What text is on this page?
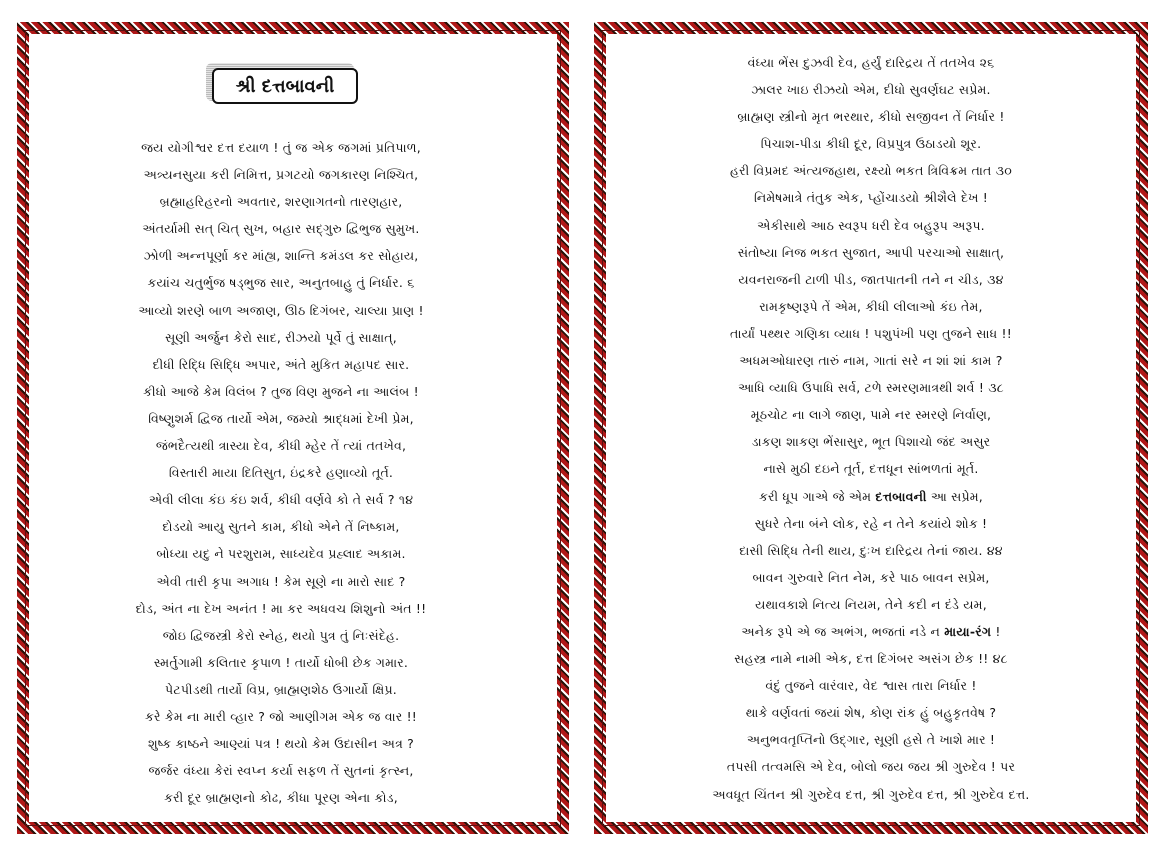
શ્રી દત્તબાવની
જય યોગીશ્વર દત્ત દયાળ ! તું જ એક જગમાં પ્રતિપાળ,
અત્ર્યનસુયા કરી નિમિત્ત, પ્રગટયો જગકારણ નિશ્ચિત,
બ્રહ્માહરિહરનો અવતાર, શરણાગતનો તારણહાર,
અંતર્યામી સત્ ચિત્ સુખ, બહાર સદ્ગુરુ દ્વિભુજ સુમુખ.
ઝોળી અન્નપૂર્ણા કર માંહ્ય, શાન્તિ કમંડલ કર સોહાય,
કયાંચ ચતુર્ભુજ ષડ્ભુજ સાર, અનુતબાહુ તું નિર્ધાર. ૬
આવ્યો શરણે બાળ અજાણ, ઊઠ દિગંબર, ચાલ્યા પ્રાણ !
સૂણી અર્જુન કેરો સાદ, રીઝયો પૂર્વે તું સાક્ષાત્,
દીધી રિદ્ધિ સિદ્ધિ અપાર, અંતે મુકિત મહાપદ સાર.
કીધો આજે કેમ વિલંબ ? તુજ વિણ મુજને ના આલંબ !
વિષ્ણુશર્મ દ્વિજ તાર્યો એમ, જમ્યો શ્રાદ્ધમાં દેખી પ્રેમ,
જંભદૈત્યથી ત્રાસ્યા દેવ, કીધી મ્હેર તેં ત્યાં તતખેવ,
વિસ્તારી માયા દિતિસુત, ઇંદ્રકરે હણાવ્યો તૂર્ત.
એવી લીલા કંઇ કંઇ શર્વ, કીધી વર્ણવે કો તે સર્વ ? ૧૪
દોડયો આયુ સુતને કામ, કીધો એને તેં નિષ્કામ,
બોધ્યા યદુ ને પરશુરામ, સાધ્યદેવ પ્રહ્લાદ અકામ.
એવી તારી કૃપા અગાધ ! કેમ સૂણે ના મારો સાદ ?
દોડ, અંત ના દેખ અનંત ! મા કર અધવચ શિશુનો અંત !!
જોઇ દ્વિજસ્ત્રી કેરો સ્નેહ, થયો પુત્ર તું નિઃસંદેહ.
સ્મર્તુગામી કલિતાર કૃપાળ ! તાર્યો ધોબી છેક ગમાર.
પેટપીડથી તાર્યો વિપ્ર, બ્રાહ્મણશેઠ ઉગાર્યો ક્ષિપ્ર.
કરે કેમ ના મારી વ્હાર ? જો આણીગમ એક જ વાર !!
શુષ્ક કાષ્ઠને આણ્યાં પત્ર ! થયો કેમ ઉદાસીન અત્ર ?
જર્જર વંધ્યા કેરાં સ્વપ્ન કર્યા સફળ તેં સુતનાં કૃત્સ્ન,
કરી દૂર બ્રાહ્મણનો કોઢ, કીધા પૂરણ એના કોડ,
વંધ્યા ભેંસ દુઝવી દેવ, હર્યું દારિદ્રય તેં તતખેવ ૨૬
ઝાલર ખાઇ રીઝયો એમ, દીધો સુવર્ણઘટ સપ્રેમ.
બ્રાહ્મણ સ્ત્રીનો મૃત ભરથાર, કીધો સજીવન તેં નિર્ધાર !
પિચાશ-પીડા કીધી દૂર, વિપ્રપુત્ર ઉઠાડયો શૂર.
હરી વિપ્રમદ અંત્યજહાથ, રક્ષ્યો ભકત ત્રિવિક્રમ તાત ૩૦
નિમેષમાત્રે તંતુક એક, પ્હોંચાડયો શ્રીશૈલે દેખ !
એકીસાથે આઠ સ્વરૂપ ધરી દેવ બહુરૂપ અરૂપ.
સંતોષ્યા નિજ ભકત સુજાત, આપી પરચાઓ સાક્ષાત્,
યવનરાજની ટાળી પીડ, જાતપાતની તને ન ચીડ, ૩૪
રામકૃષ્ણરૂપે તેં એમ, કીધી લીલાઓ કંઇ તેમ,
તાર્યાં પથ્થર ગણિકા વ્યાધ ! પશુપંખી પણ તુજને સાધ !!
અધમઓધારણ તારું નામ, ગાતાં સરે ન શાં શાં કામ ?
આધિ વ્યાધિ ઉપાધિ સર્વ, ટળે સ્મરણમાત્રથી શર્વ ! ૩૮
મૂઠચોટ ના લાગે જાણ, પામે નર સ્મરણે નિર્વાણ,
ડાકણ શાકણ ભેંસાસુર, ભૂત પિશાચો જંદ અસુર
નાસે મુઠી દઇને તૂર્ત, દત્તધૂન સાંભળતાં મૂર્ત.
કરી ધૂપ ગાએ જે એમ દત્તબાવની આ સપ્રેમ,
સુધરે તેના બંને લોક, રહે ન તેને કયાંયે શોક !
દાસી સિદ્ધિ તેની થાય, દુઃખ દારિદ્રય તેનાં જાય. ૪૪
બાવન ગુરુવારે નિત નેમ, કરે પાઠ બાવન સપ્રેમ,
યથાવકાશે નિત્ય નિયમ, તેને કદી ન દંડે યમ,
અનેક રૂપે એ જ અભંગ, ભજતાં નડે ન માયા-રંગ !
સહસ્ત્ર નામે નામી એક, દત્ત દિગંબર અસંગ છેક !! ૪૮
વંદું તુજને વારંવાર, વેદ શ્વાસ તારા નિર્ધાર !
થાકે વર્ણવતાં જયાં શેષ, કોણ રાંક હું બહુકૃતવેષ ?
અનુભવતૃપ્તિનો ઉદ્ગાર, સૂણી હસે તે ખાશે માર !
તપસી તત્વમસિ એ દેવ, બોલો જય જય શ્રી ગુરુદેવ ! પર
અવધૂત ચિંતન શ્રી ગુરુદેવ દત્ત, શ્રી ગુરુદેવ દત્ત, શ્રી ગુરુદેવ દત્ત.
